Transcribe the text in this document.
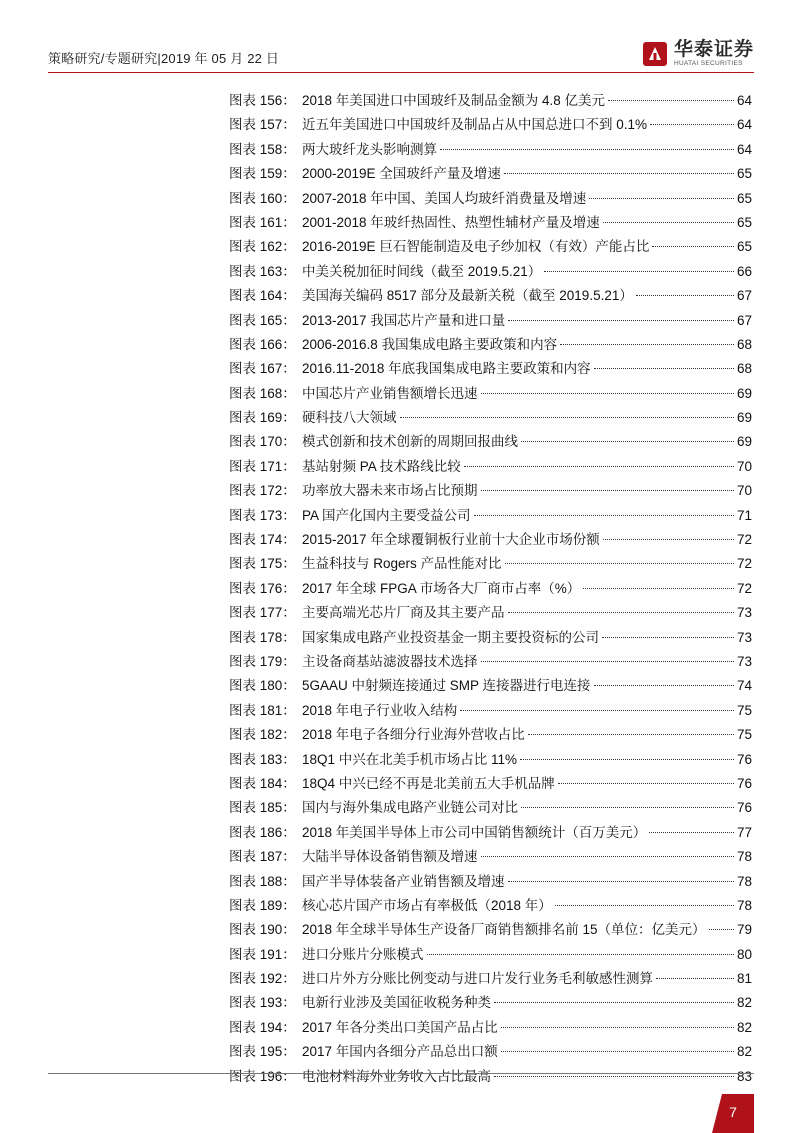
策略研究/专题研究|2019 年 05 月 22 日	华泰证券
HUATAI SECURITIES
图表 156： 2018 年美国进口中国玻纤及制品金额为 4.8 亿美元	64
图表 157： 近五年美国进口中国玻纤及制品占从中国总进口不到 0.1%	64
图表 158： 两大玻纤龙头影响测算	64
图表 159： 2000-2019E 全国玻纤产量及增速	65
图表 160： 2007-2018 年中国、美国人均玻纤消费量及增速	65
图表 161： 2001-2018 年玻纤热固性、热塑性辅材产量及增速	65
图表 162： 2016-2019E 巨石智能制造及电子纱加权（有效）产能占比	65
图表 163： 中美关税加征时间线（截至 2019.5.21）	66
图表 164： 美国海关编码 8517 部分及最新关税（截至 2019.5.21）	67
图表 165： 2013-2017 我国芯片产量和进口量	67
图表 166： 2006-2016.8 我国集成电路主要政策和内容	68
图表 167： 2016.11-2018 年底我国集成电路主要政策和内容	68
图表 168： 中国芯片产业销售额增长迅速	69
图表 169： 硬科技八大领域	69
图表 170： 模式创新和技术创新的周期回报曲线	69
图表 171： 基站射频 PA 技术路线比较	70
图表 172： 功率放大器未来市场占比预期	70
图表 173： PA 国产化国内主要受益公司	71
图表 174： 2015-2017 年全球覆铜板行业前十大企业市场份额	72
图表 175： 生益科技与 Rogers 产品性能对比	72
图表 176： 2017 年全球 FPGA 市场各大厂商市占率（%）	72
图表 177： 主要高端光芯片厂商及其主要产品	73
图表 178： 国家集成电路产业投资基金一期主要投资标的公司	73
图表 179： 主设备商基站滤波器技术选择	73
图表 180： 5GAAU 中射频连接通过 SMP 连接器进行电连接	74
图表 181： 2018 年电子行业收入结构	75
图表 182： 2018 年电子各细分行业海外营收占比	75
图表 183： 18Q1 中兴在北美手机市场占比 11%	76
图表 184： 18Q4 中兴已经不再是北美前五大手机品牌	76
图表 185： 国内与海外集成电路产业链公司对比	76
图表 186： 2018 年美国半导体上市公司中国销售额统计（百万美元）	77
图表 187： 大陆半导体设备销售额及增速	78
图表 188： 国产半导体装备产业销售额及增速	78
图表 189： 核心芯片国产市场占有率极低（2018 年）	78
图表 190： 2018 年全球半导体生产设备厂商销售额排名前 15（单位：亿美元） 79
图表 191： 进口分账片分账模式	80
图表 192： 进口片外方分账比例变动与进口片发行业务毛利敏感性测算	81
图表 193： 电新行业涉及美国征收税务种类	82
图表 194： 2017 年各分类出口美国产品占比	82
图表 195： 2017 年国内各细分产品总出口额	82
图表 196： 电池材料海外业务收入占比最高	83
7
